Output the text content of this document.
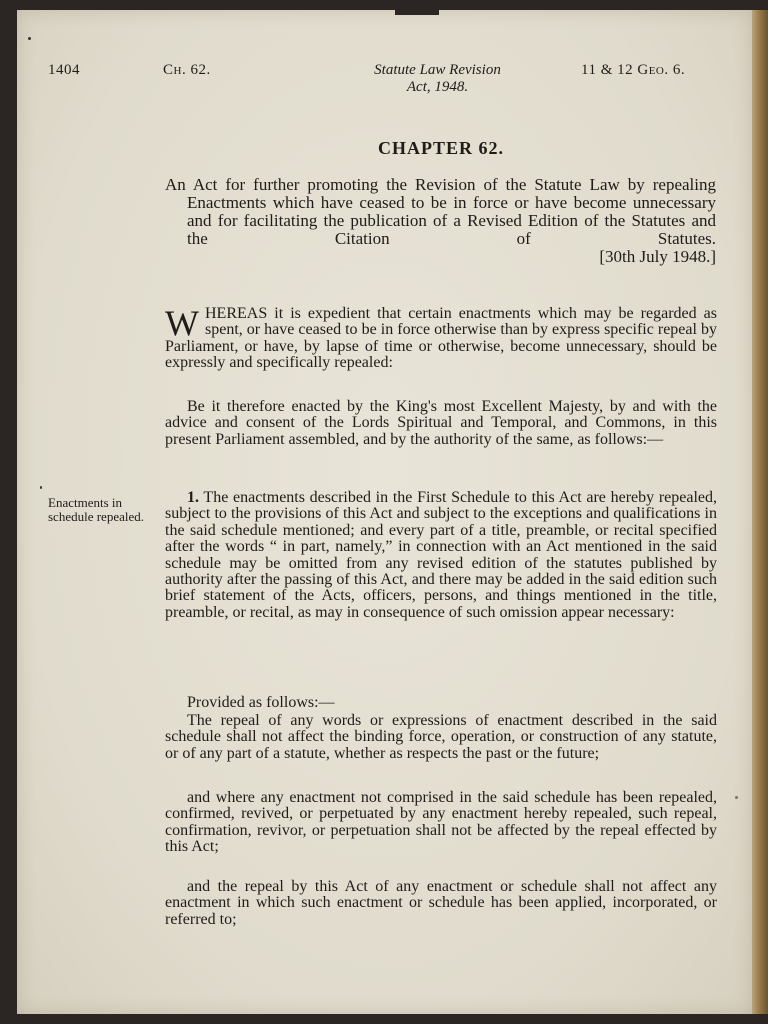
1404	Ch. 62.	Statute Law Revision
Act, 1948.
11 & 12 Geo. 6.
CHAPTER 62.
An Act for further promoting the Revision of the Statute Law by repealing Enactments which have ceased to be in force or have become unnecessary and for facilitating the publication of a Revised Edition of the Statutes and the Citation of Statutes.
[30th July 1948.]
WHEREAS it is expedient that certain enactments which may be regarded as spent, or have ceased to be in force otherwise than by express specific repeal by Parliament, or have, by lapse of time or otherwise, become unnecessary, should be expressly and specifically repealed:
Be it therefore enacted by the King's most Excellent Majesty, by and with the advice and consent of the Lords Spiritual and Temporal, and Commons, in this present Parliament assembled, and by the authority of the same, as follows:—
Enactments in schedule repealed.
1. The enactments described in the First Schedule to this Act are hereby repealed, subject to the provisions of this Act and subject to the exceptions and qualifications in the said schedule mentioned; and every part of a title, preamble, or recital specified after the words “ in part, namely,” in connection with an Act mentioned in the said schedule may be omitted from any revised edition of the statutes published by authority after the passing of this Act, and there may be added in the said edition such brief statement of the Acts, officers, persons, and things mentioned in the title, preamble, or recital, as may in consequence of such omission appear necessary:
Provided as follows:—
The repeal of any words or expressions of enactment described in the said schedule shall not affect the binding force, operation, or construction of any statute, or of any part of a statute, whether as respects the past or the future;
and where any enactment not comprised in the said schedule has been repealed, confirmed, revived, or perpetuated by any enactment hereby repealed, such repeal, confirmation, revivor, or perpetuation shall not be affected by the repeal effected by this Act;
and the repeal by this Act of any enactment or schedule shall not affect any enactment in which such enactment or schedule has been applied, incorporated, or referred to;
